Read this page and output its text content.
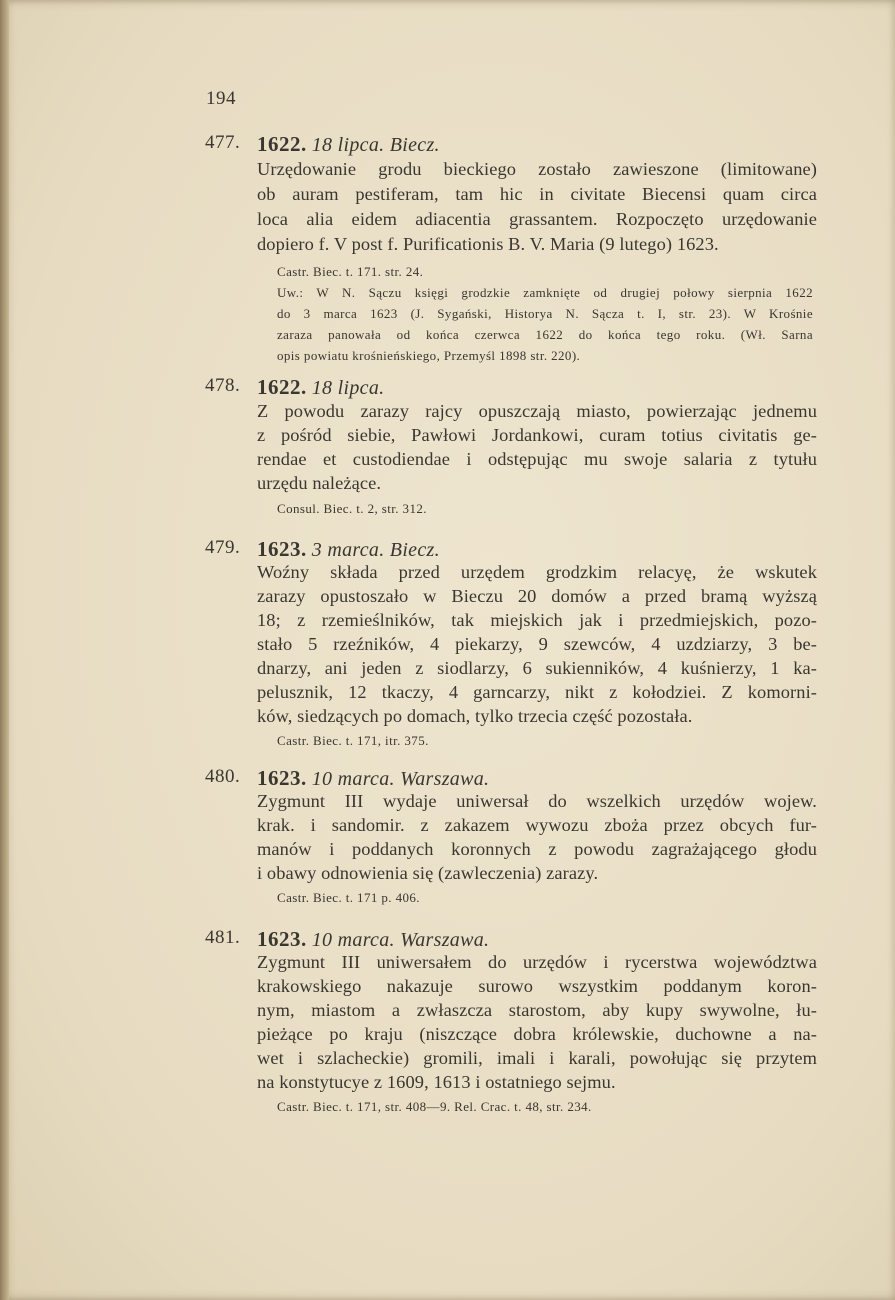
194
477. 1622. 18 lipca. Biecz.
Urzędowanie grodu bieckiego zostało zawieszone (limitowane)
ob auram pestiferam, tam hic in civitate Biecensi quam circa
loca alia eidem adiacentia grassantem. Rozpoczęto urzędowanie
dopiero f. V post f. Purificationis B. V. Maria (9 lutego) 1623.
Castr. Biec. t. 171. str. 24.
Uw.: W N. Sączu księgi grodzkie zamknięte od drugiej połowy sierpnia 1622
do 3 marca 1623 (J. Sygański, Historya N. Sącza t. I, str. 23). W Krośnie
zaraza panowała od końca czerwca 1622 do końca tego roku. (Wł. Sarna
opis powiatu krośnieńskiego, Przemyśl 1898 str. 220).
478. 1622. 18 lipca.
Z powodu zarazy rajcy opuszczają miasto, powierzając jednemu
z pośród siebie, Pawłowi Jordankowi, curam totius civitatis ge-
rendae et custodiendae i odstępując mu swoje salaria z tytułu
urzędu należące.
Consul. Biec. t. 2, str. 312.
479. 1623. 3 marca. Biecz.
Woźny składa przed urzędem grodzkim relacyę, że wskutek
zarazy opustoszało w Bieczu 20 domów a przed bramą wyższą
18; z rzemieślników, tak miejskich jak i przedmiejskich, pozo-
stało 5 rzeźników, 4 piekarzy, 9 szewców, 4 uzdziarzy, 3 be-
dnarzy, ani jeden z siodlarzy, 6 sukienników, 4 kuśnierzy, 1 ka-
pelusznik, 12 tkaczy, 4 garncarzy, nikt z kołodziei. Z komorni-
ków, siedzących po domach, tylko trzecia część pozostała.
Castr. Biec. t. 171, itr. 375.
480. 1623. 10 marca. Warszawa.
Zygmunt III wydaje uniwersał do wszelkich urzędów wojew.
krak. i sandomir. z zakazem wywozu zboża przez obcych fur-
manów i poddanych koronnych z powodu zagrażającego głodu
i obawy odnowienia się (zawleczenia) zarazy.
Castr. Biec. t. 171 p. 406.
481. 1623. 10 marca. Warszawa.
Zygmunt III uniwersałem do urzędów i rycerstwa województwa
krakowskiego nakazuje surowo wszystkim poddanym koron-
nym, miastom a zwłaszcza starostom, aby kupy swywolne, łu-
pieżące po kraju (niszczące dobra królewskie, duchowne a na-
wet i szlacheckie) gromili, imali i karali, powołując się przytem
na konstytucye z 1609, 1613 i ostatniego sejmu.
Castr. Biec. t. 171, str. 408—9. Rel. Crac. t. 48, str. 234.
